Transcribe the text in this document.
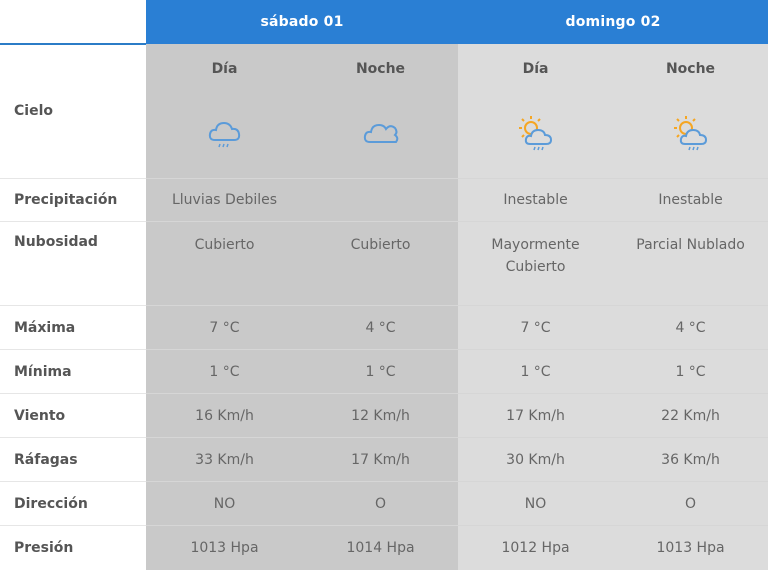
	sábado 01		domingo 02	
	Día	Noche	Día	Noche
Cielo				
Precipitación	Lluvias Debiles		Inestable	Inestable
Nubosidad	Cubierto	Cubierto	Mayormente Cubierto	Parcial Nublado
Máxima	7 °C	4 °C	7 °C	4 °C
Mínima	1 °C	1 °C	1 °C	1 °C
Viento	16 Km/h	12 Km/h	17 Km/h	22 Km/h
Ráfagas	33 Km/h	17 Km/h	30 Km/h	36 Km/h
Dirección	NO	O	NO	O
Presión	1013 Hpa	1014 Hpa	1012 Hpa	1013 Hpa
